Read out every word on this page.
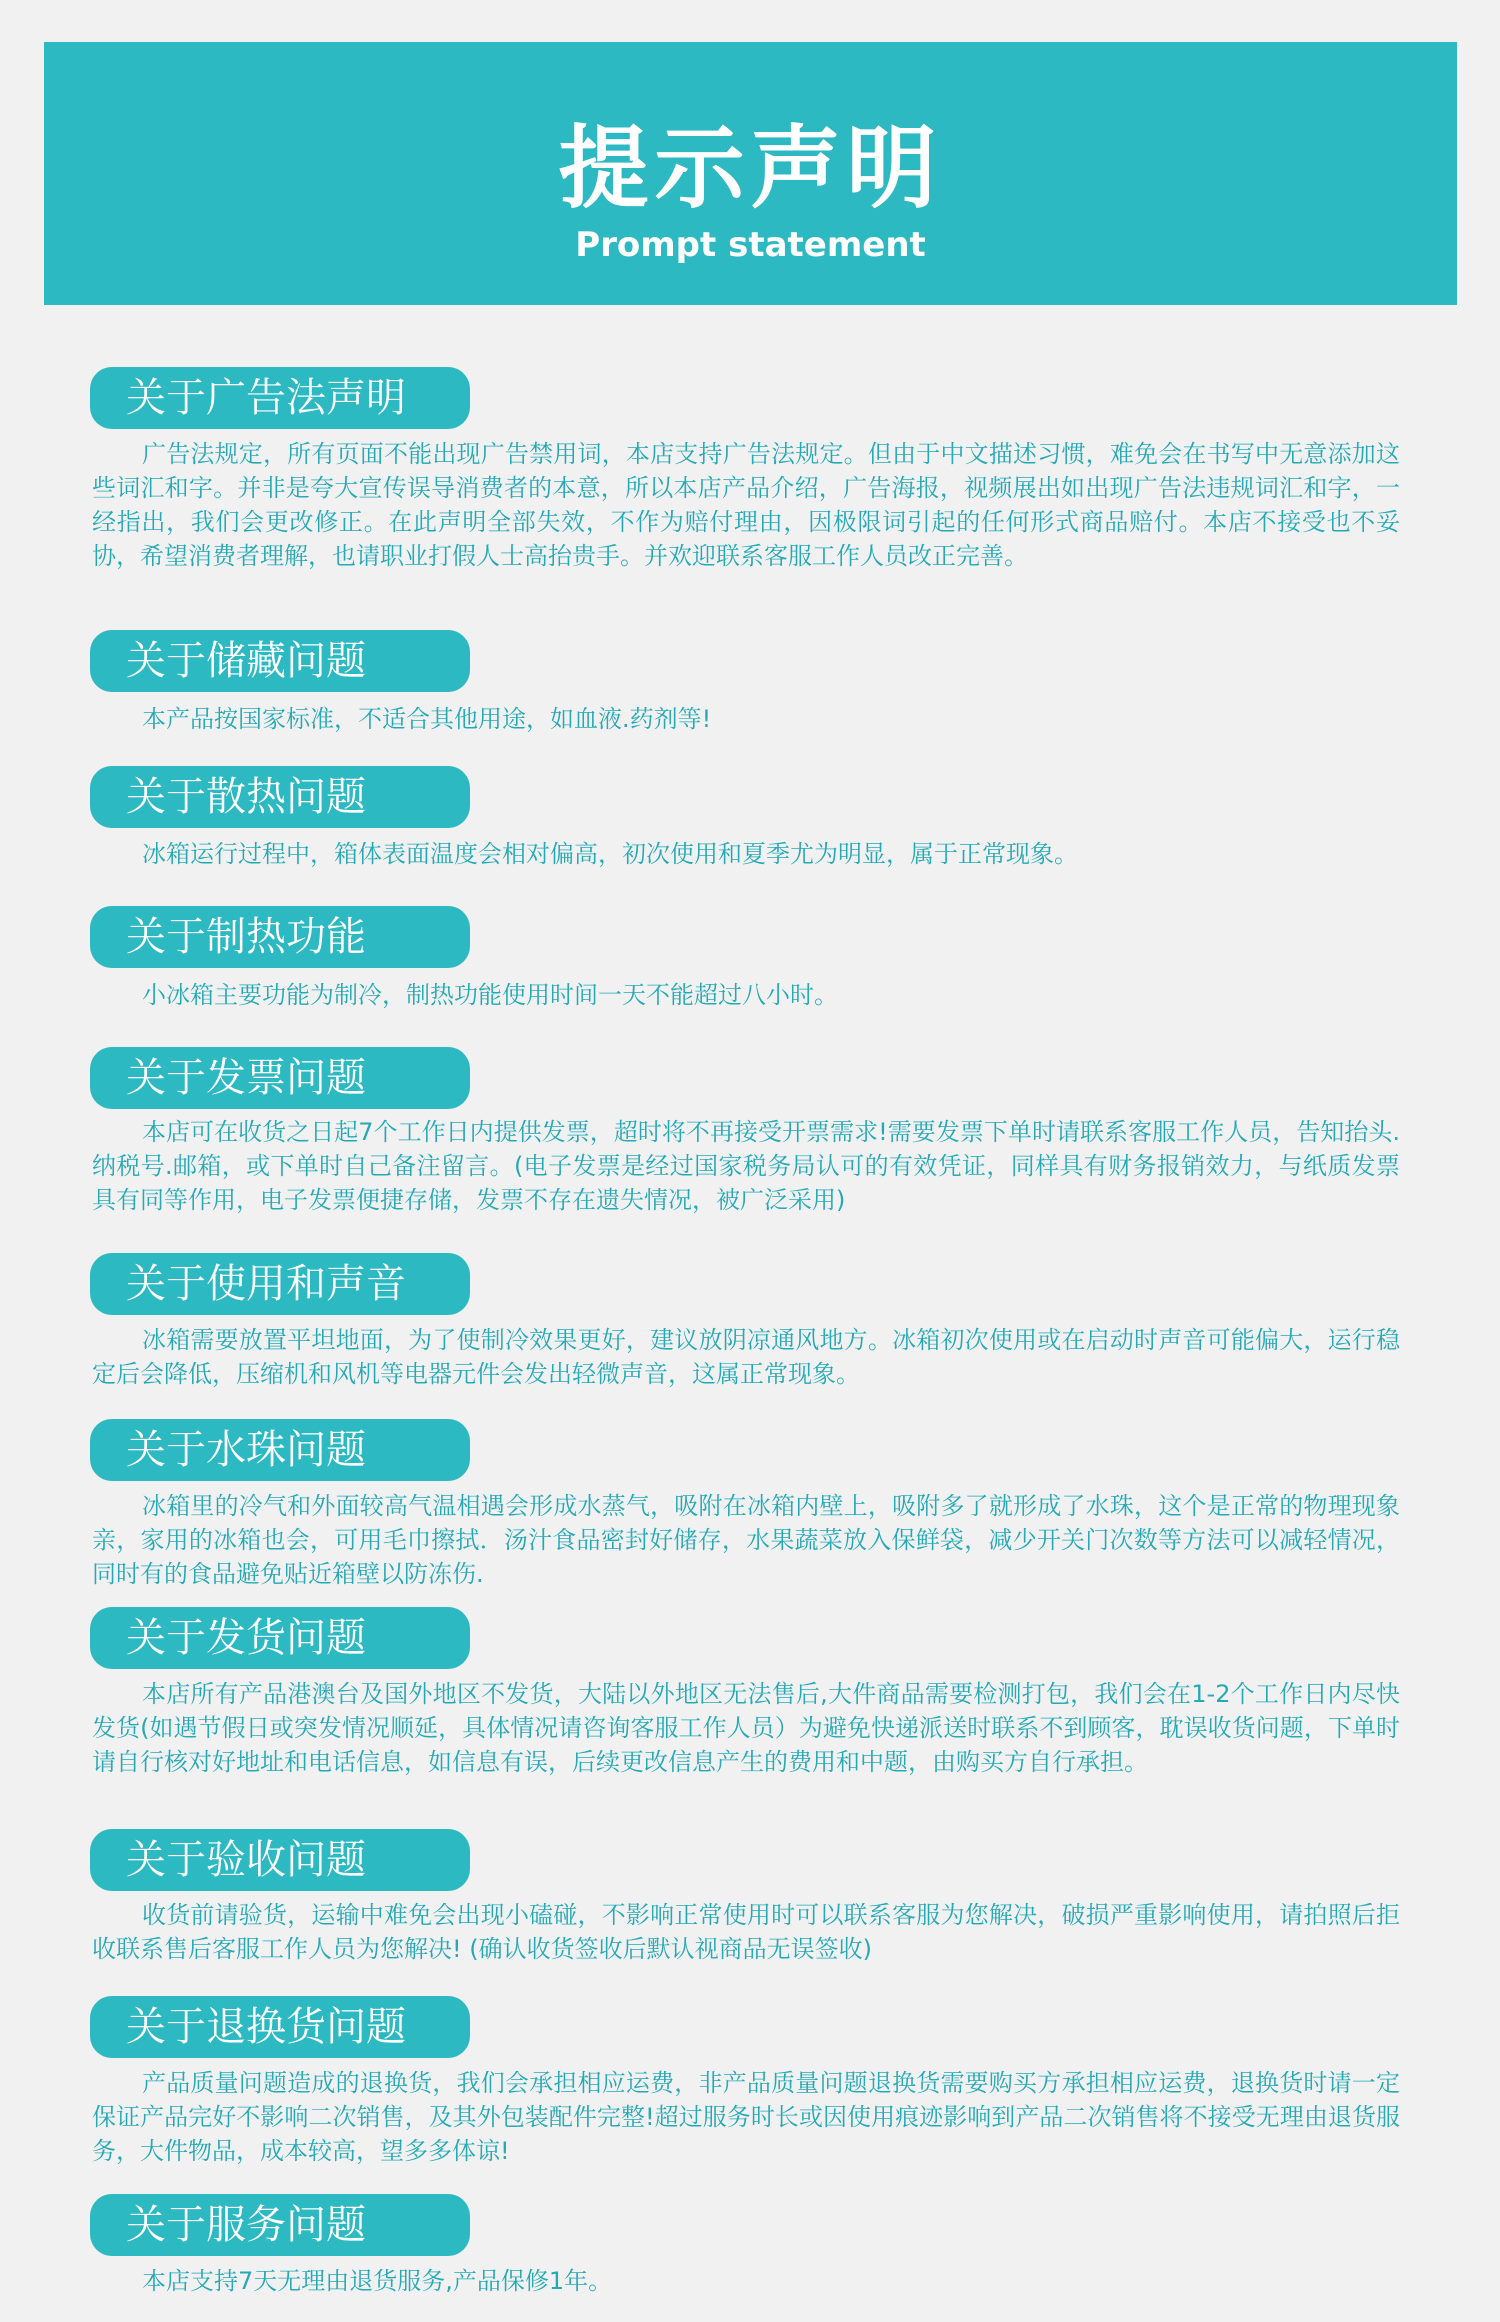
提示声明
Prompt statement
关于广告法声明

广告法规定，所有页面不能出现广告禁用词，本店支持广告法规定。但由于中文描述习惯，难免会在书写中无意添加这些词汇和字。并非是夸大宣传误导消费者的本意，所以本店产品介绍，广告海报，视频展出如出现广告法违规词汇和字，一经指出，我们会更改修正。在此声明全部失效，不作为赔付理由，因极限词引起的任何形式商品赔付。本店不接受也不妥协，希望消费者理解，也请职业打假人士高抬贵手。并欢迎联系客服工作人员改正完善。

关于储藏问题

本产品按国家标准，不适合其他用途，如血液.药剂等!

关于散热问题

冰箱运行过程中，箱体表面温度会相对偏高，初次使用和夏季尤为明显，属于正常现象。

关于制热功能

小冰箱主要功能为制冷，制热功能使用时间一天不能超过八小时。

关于发票问题

本店可在收货之日起7个工作日内提供发票，超时将不再接受开票需求!需要发票下单时请联系客服工作人员，告知抬头.纳税号.邮箱，或下单时自己备注留言。(电子发票是经过国家税务局认可的有效凭证，同样具有财务报销效力，与纸质发票具有同等作用，电子发票便捷存储，发票不存在遗失情况，被广泛采用)

关于使用和声音

冰箱需要放置平坦地面，为了使制冷效果更好，建议放阴凉通风地方。冰箱初次使用或在启动时声音可能偏大，运行稳定后会降低，压缩机和风机等电器元件会发出轻微声音，这属正常现象。

关于水珠问题

冰箱里的冷气和外面较高气温相遇会形成水蒸气，吸附在冰箱内壁上，吸附多了就形成了水珠，这个是正常的物理现象亲，家用的冰箱也会，可用毛巾擦拭．汤汁食品密封好储存，水果蔬菜放入保鲜袋，减少开关门次数等方法可以减轻情况，同时有的食品避免贴近箱壁以防冻伤.

关于发货问题

本店所有产品港澳台及国外地区不发货，大陆以外地区无法售后,大件商品需要检测打包，我们会在1-2个工作日内尽快发货(如遇节假日或突发情况顺延，具体情况请咨询客服工作人员）为避免快递派送时联系不到顾客，耽误收货问题，下单时请自行核对好地址和电话信息，如信息有误，后续更改信息产生的费用和中题，由购买方自行承担。

关于验收问题

收货前请验货，运输中难免会出现小磕碰，不影响正常使用时可以联系客服为您解决，破损严重影响使用，请拍照后拒收联系售后客服工作人员为您解决! (确认收货签收后默认视商品无误签收)

关于退换货问题

产品质量问题造成的退换货，我们会承担相应运费，非产品质量问题退换货需要购买方承担相应运费，退换货时请一定保证产品完好不影响二次销售，及其外包装配件完整!超过服务时长或因使用痕迹影响到产品二次销售将不接受无理由退货服务，大件物品，成本较高，望多多体谅!

关于服务问题

本店支持7天无理由退货服务,产品保修1年。
